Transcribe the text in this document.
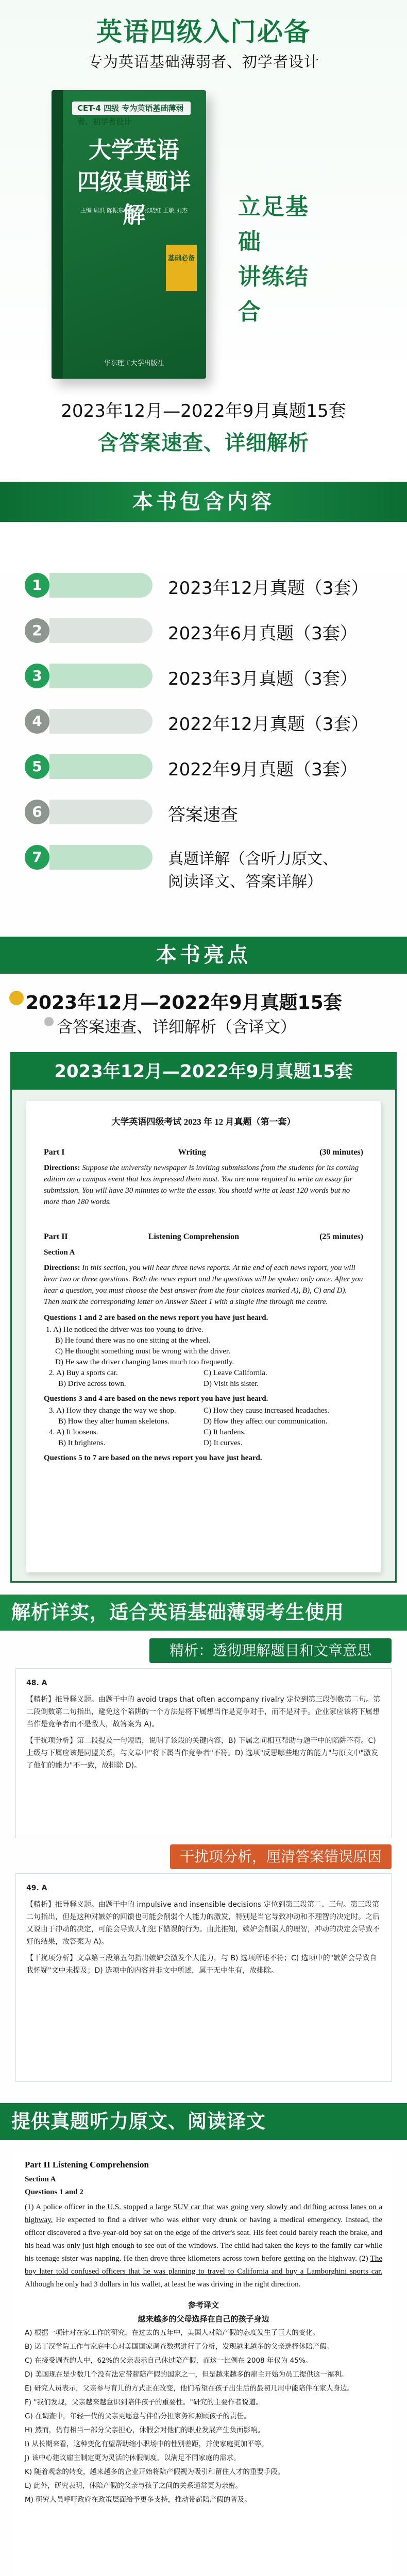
英语四级入门必备
专为英语基础薄弱者、初学者设计
CET-4 四级 专为英语基础薄弱者、初学者设计
大学英语
四级真题详解
主编 周洪 陈振东 赵春艳 张晓红 王敏 刘杰
基础必备
华东理工大学出版社
立足基础
讲练结合
2023年12月—2022年9月真题15套
含答案速查、详细解析
本书包含内容
1	2023年12月真题（3套）
2	2023年6月真题（3套）
3	2023年3月真题（3套）
4	2022年12月真题（3套）
5	2022年9月真题（3套）
6	答案速查
7	真题详解（含听力原文、
阅读译文、答案详解）
本书亮点
2023年12月—2022年9月真题15套
含答案速查、详细解析（含译文）
2023年12月—2022年9月真题15套
大学英语四级考试 2023 年 12 月真题（第一套）
Part I	Writing	(30 minutes)

Directions: Suppose the university newspaper is inviting submissions from the students for its coming edition on a campus event that has impressed them most. You are now required to write an essay for submission. You will have 30 minutes to write the essay. You should write at least 120 words but no more than 180 words.

Part II	Listening Comprehension	(25 minutes)

Section A

Directions: In this section, you will hear three news reports. At the end of each news report, you will hear two or three questions. Both the news report and the questions will be spoken only once. After you hear a question, you must choose the best answer from the four choices marked A), B), C) and D). Then mark the corresponding letter on Answer Sheet 1 with a single line through the centre.

Questions 1 and 2 are based on the news report you have just heard.
1. A) He noticed the driver was too young to drive.
B) He found there was no one sitting at the wheel.
C) He thought something must be wrong with the driver.
D) He saw the driver changing lanes much too frequently.
2. A) Buy a sports car.	C) Leave California.
B) Drive across town.	D) Visit his sister.
Questions 3 and 4 are based on the news report you have just heard.
3. A) How they change the way we shop.	C) How they cause increased headaches.
B) How they alter human skeletons.	D) How they affect our communication.
4. A) It loosens.	C) It hardens.
B) It brightens.	D) It curves.
Questions 5 to 7 are based on the news report you have just heard.
解析详实，适合英语基础薄弱考生使用
精析：透彻理解题目和文章意思

48. A

【精析】推导释义题。由题干中的 avoid traps that often accompany rivalry 定位到第三段倒数第二句。第二段倒数第二句指出，避免这个陷阱的一个方法是将下属想当作是竞争对手，而不是对手。企业家应该将下属想当作是竞争者而不是敌人，故答案为 A)。

【干扰项分析】第二段提及一句短语，说明了该段的关键内容，B) 下属之间相互帮助与题干中的陷阱不符。C) 上级与下属应该是同盟关系，与文章中"将下属当作竞争者"不符。D) 选项"反思哪些地方的能力"与原文中"激发了他们的能力"不一致，故排除 D)。

干扰项分析，厘清答案错误原因

49. A

【精析】推导释义题。由题干中的 impulsive and insensible decisions 定位到第三段第二、三句。第三段第二句指出，但是这种对嫉妒的回馈也可能会削弱个人能力的激发，特别是当它导致冲动和不理智的决定时。之后又说由于冲动的决定，可能会导致人们犯下错误的行为。由此推知，嫉妒会削弱人的理智，冲动的决定会导致不好的结果，故答案为 A)。

【干扰项分析】文章第三段第五句指出嫉妒会激发个人能力，与 B) 选项所述不符；C) 选项中的"嫉妒会导致自我怀疑"文中未提及；D) 选项中的内容并非文中所述，属于无中生有，故排除。

提供真题听力原文、阅读译文
Part II Listening Comprehension
Section A
Questions 1 and 2

(1) A police officer in the U.S. stopped a large SUV car that was going very slowly and drifting across lanes on a highway. He expected to find a driver who was either very drunk or having a medical emergency. Instead, the officer discovered a five-year-old boy sat on the edge of the driver's seat. His feet could barely reach the brake, and his head was only just high enough to see out of the windows. The child had taken the keys to the family car while his teenage sister was napping. He then drove three kilometers across town before getting on the highway. (2) The boy later told confused officers that he was planning to travel to California and buy a Lamborghini sports car. Although he only had 3 dollars in his wallet, at least he was driving in the right direction.

参考译文
越来越多的父母选择在自己的孩子身边

A) 根据一项针对在家工作的研究，在过去的五年中，美国人对陪产假的态度发生了巨大的变化。

B) 诺丁汉学院工作与家庭中心对美国国家调查数据进行了分析，发现越来越多的父亲选择休陪产假。

C) 在接受调查的人中，62%的父亲表示自己休过陪产假，而这一比例在 2008 年仅为 45%。

D) 美国现在是少数几个没有法定带薪陪产假的国家之一，但是越来越多的雇主开始为员工提供这一福利。

E) 研究人员表示，父亲参与育儿的方式正在改变，他们希望在孩子出生后的最初几周中能陪伴在家人身边。

F) "我们发现，父亲越来越意识到陪伴孩子的重要性。"研究的主要作者说道。

G) 在调查中，年轻一代的父亲更愿意与伴侣分担家务和照顾孩子的责任。

H) 然而，仍有相当一部分父亲担心，休假会对他们的职业发展产生负面影响。

I) 从长期来看，这种变化有望帮助缩小职场中的性别差距，并使家庭更加平等。

J) 该中心建议雇主制定更为灵活的休假制度，以满足不同家庭的需求。

K) 随着观念的转变，越来越多的企业开始将陪产假视为吸引和留住人才的重要手段。

L) 此外，研究表明，休陪产假的父亲与孩子之间的关系通常更为亲密。

M) 研究人员呼吁政府在政策层面给予更多支持，推动带薪陪产假的普及。
